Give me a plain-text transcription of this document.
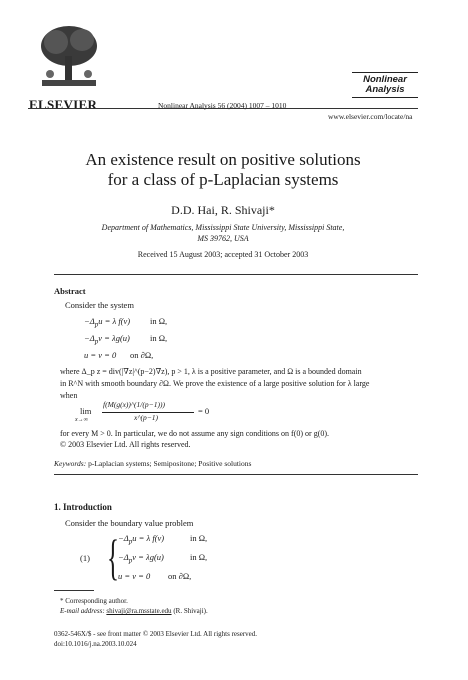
ELSEVIER	Nonlinear Analysis 56 (2004) 1007 – 1010
Nonlinear
Analysis
www.elsevier.com/locate/na
An existence result on positive solutions
for a class of p-Laplacian systems
D.D. Hai, R. Shivaji*
Department of Mathematics, Mississippi State University, Mississippi State,
MS 39762, USA
Received 15 August 2003; accepted 31 October 2003
Abstract
Consider the system
$-\Delta_pu = \lambda$ f(v) in Ω,
$-\Delta_pv = \lambda g(u)$ in Ω,
u = v = 0 on ∂Ω,
where Δ_p z = div(|∇z|^(p−2)∇z), p > 1, λ is a positive parameter, and Ω is a bounded domain
in R^N with smooth boundary ∂Ω. We prove the existence of a large positive solution for λ large
when
lim
x→∞
f(M(g(x))^(1/(p−1)))
x^(p−1)
= 0
for every M > 0. In particular, we do not assume any sign conditions on f(0) or g(0).
© 2003 Elsevier Ltd. All rights reserved.
Keywords: p-Laplacian systems; Semipositone; Positive solutions
1. Introduction
Consider the boundary value problem
(1) { $-\Delta_pu = \lambda$ f(v)	in Ω,
$-\Delta_pv = \lambda g(u)$	in Ω,
u = v = 0 on ∂Ω,
* Corresponding author.
E-mail address: shivaji@ra.msstate.edu (R. Shivaji).
0362-546X/$ - see front matter © 2003 Elsevier Ltd. All rights reserved.
doi:10.1016/j.na.2003.10.024
